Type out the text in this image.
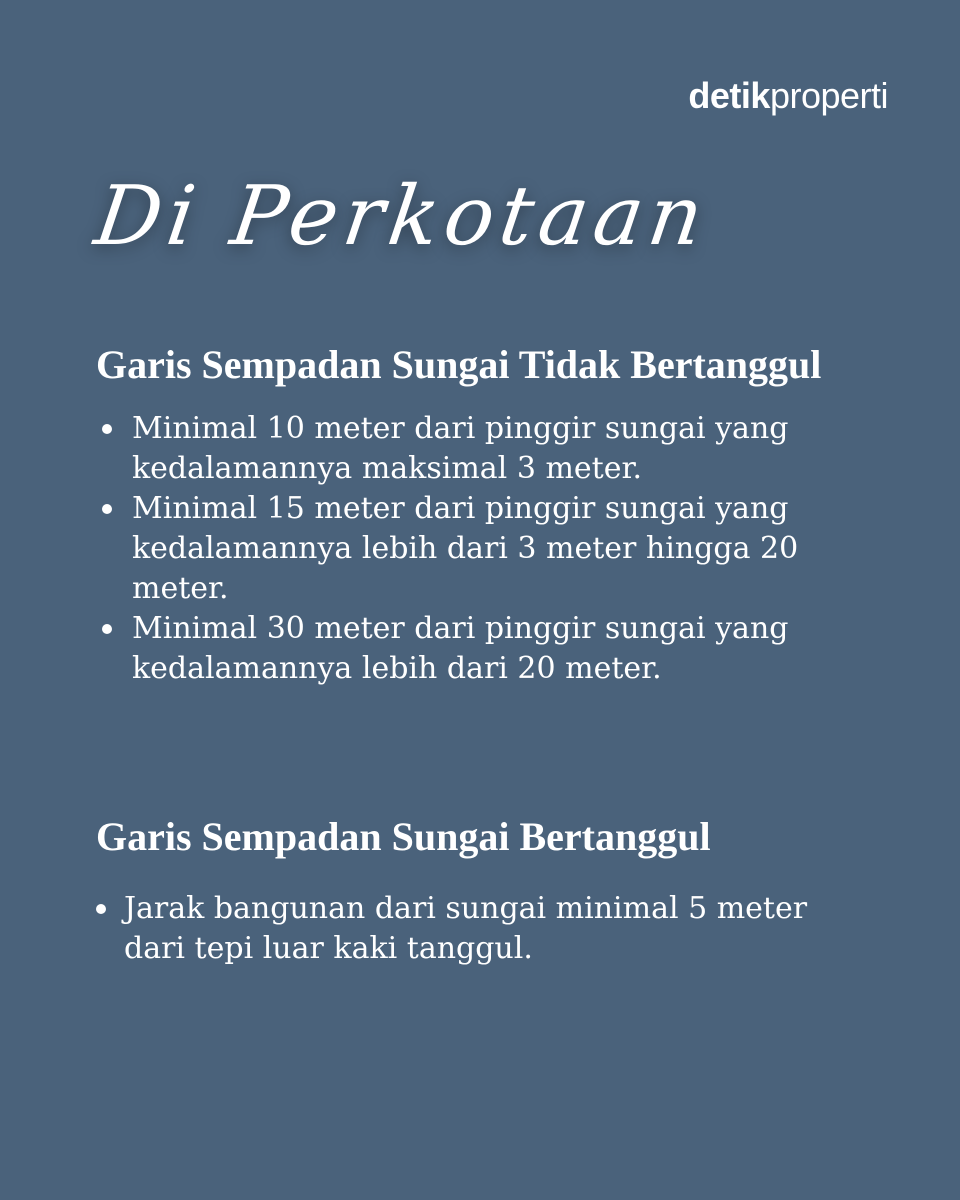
detikproperti
Di Perkotaan
Garis Sempadan Sungai Tidak Bertanggul
Minimal 10 meter dari pinggir sungai yang kedalamannya maksimal 3 meter.
Minimal 15 meter dari pinggir sungai yang kedalamannya lebih dari 3 meter hingga 20 meter.
Minimal 30 meter dari pinggir sungai yang kedalamannya lebih dari 20 meter.
Garis Sempadan Sungai Bertanggul
Jarak bangunan dari sungai minimal 5 meter dari tepi luar kaki tanggul.
